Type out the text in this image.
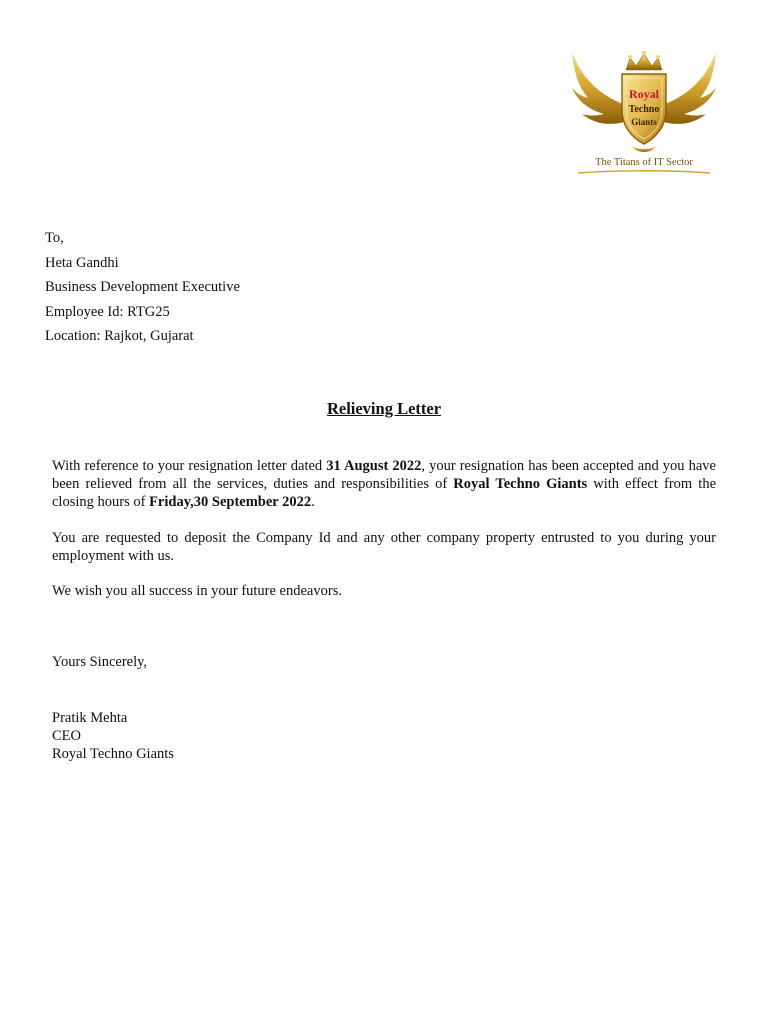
Royal
Techno
Giants
The Titans of IT Sector
To,
Heta Gandhi
Business Development Executive
Employee Id: RTG25
Location: Rajkot, Gujarat
Relieving Letter

With reference to your resignation letter dated 31 August 2022, your resignation has been accepted and you have been relieved from all the services, duties and responsibilities of Royal Techno Giants with effect from the closing hours of Friday,30 September 2022.

You are requested to deposit the Company Id and any other company property entrusted to you during your employment with us.

We wish you all success in your future endeavors.

Yours Sincerely,
Pratik Mehta
CEO
Royal Techno Giants
